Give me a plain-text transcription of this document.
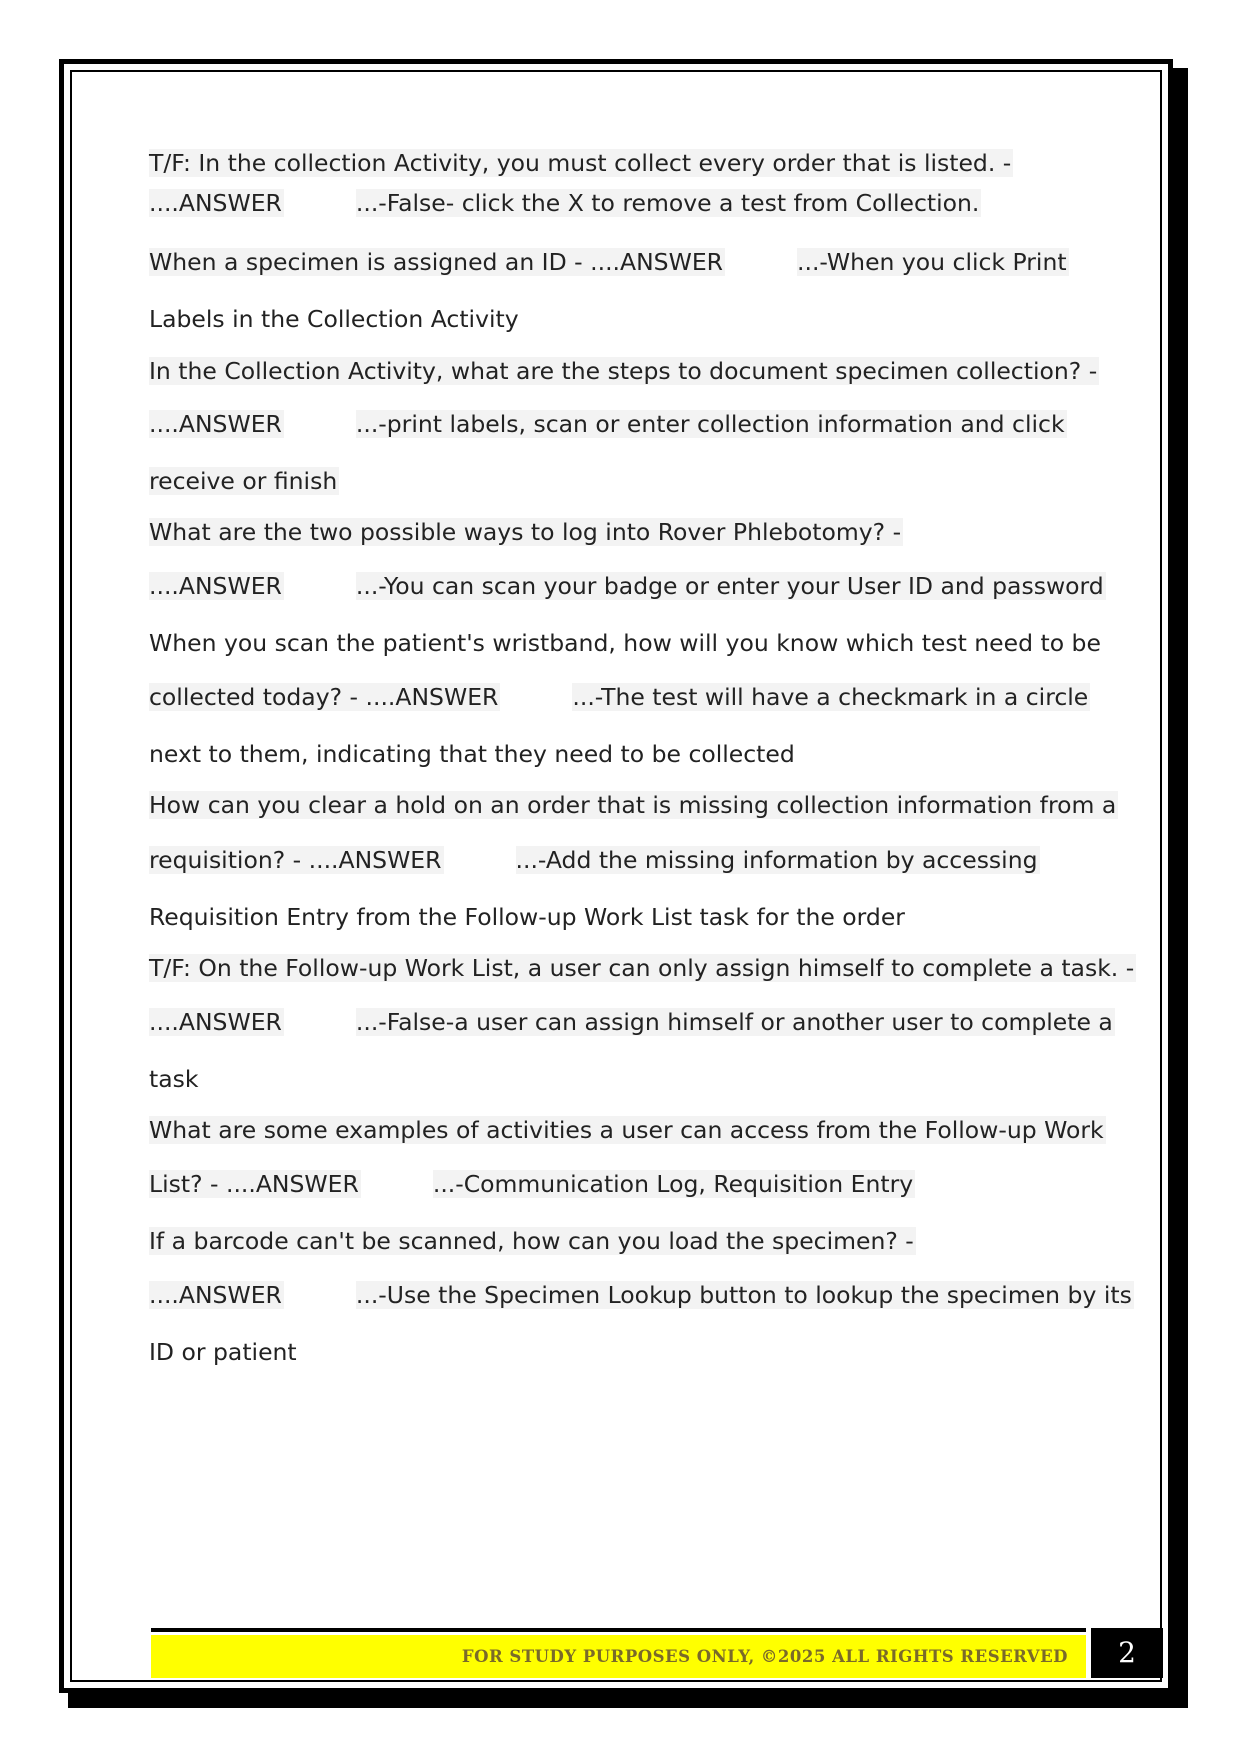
T/F: In the collection Activity, you must collect every order that is listed. -
....ANSWER	...-False- click the X to remove a test from Collection.
When a specimen is assigned an ID - ....ANSWER	...-When you click Print
Labels in the Collection Activity
In the Collection Activity, what are the steps to document specimen collection? -
....ANSWER	...-print labels, scan or enter collection information and click
receive or finish
What are the two possible ways to log into Rover Phlebotomy? -
....ANSWER	...-You can scan your badge or enter your User ID and password
When you scan the patient's wristband, how will you know which test need to be
collected today? - ....ANSWER	...-The test will have a checkmark in a circle
next to them, indicating that they need to be collected
How can you clear a hold on an order that is missing collection information from a
requisition? - ....ANSWER	...-Add the missing information by accessing
Requisition Entry from the Follow-up Work List task for the order
T/F: On the Follow-up Work List, a user can only assign himself to complete a task. -
....ANSWER	...-False-a user can assign himself or another user to complete a
task
What are some examples of activities a user can access from the Follow-up Work
List? - ....ANSWER	...-Communication Log, Requisition Entry
If a barcode can't be scanned, how can you load the specimen? -
....ANSWER	...-Use the Specimen Lookup button to lookup the specimen by its
ID or patient
FOR STUDY PURPOSES ONLY, ©2025 ALL RIGHTS RESERVED	2
